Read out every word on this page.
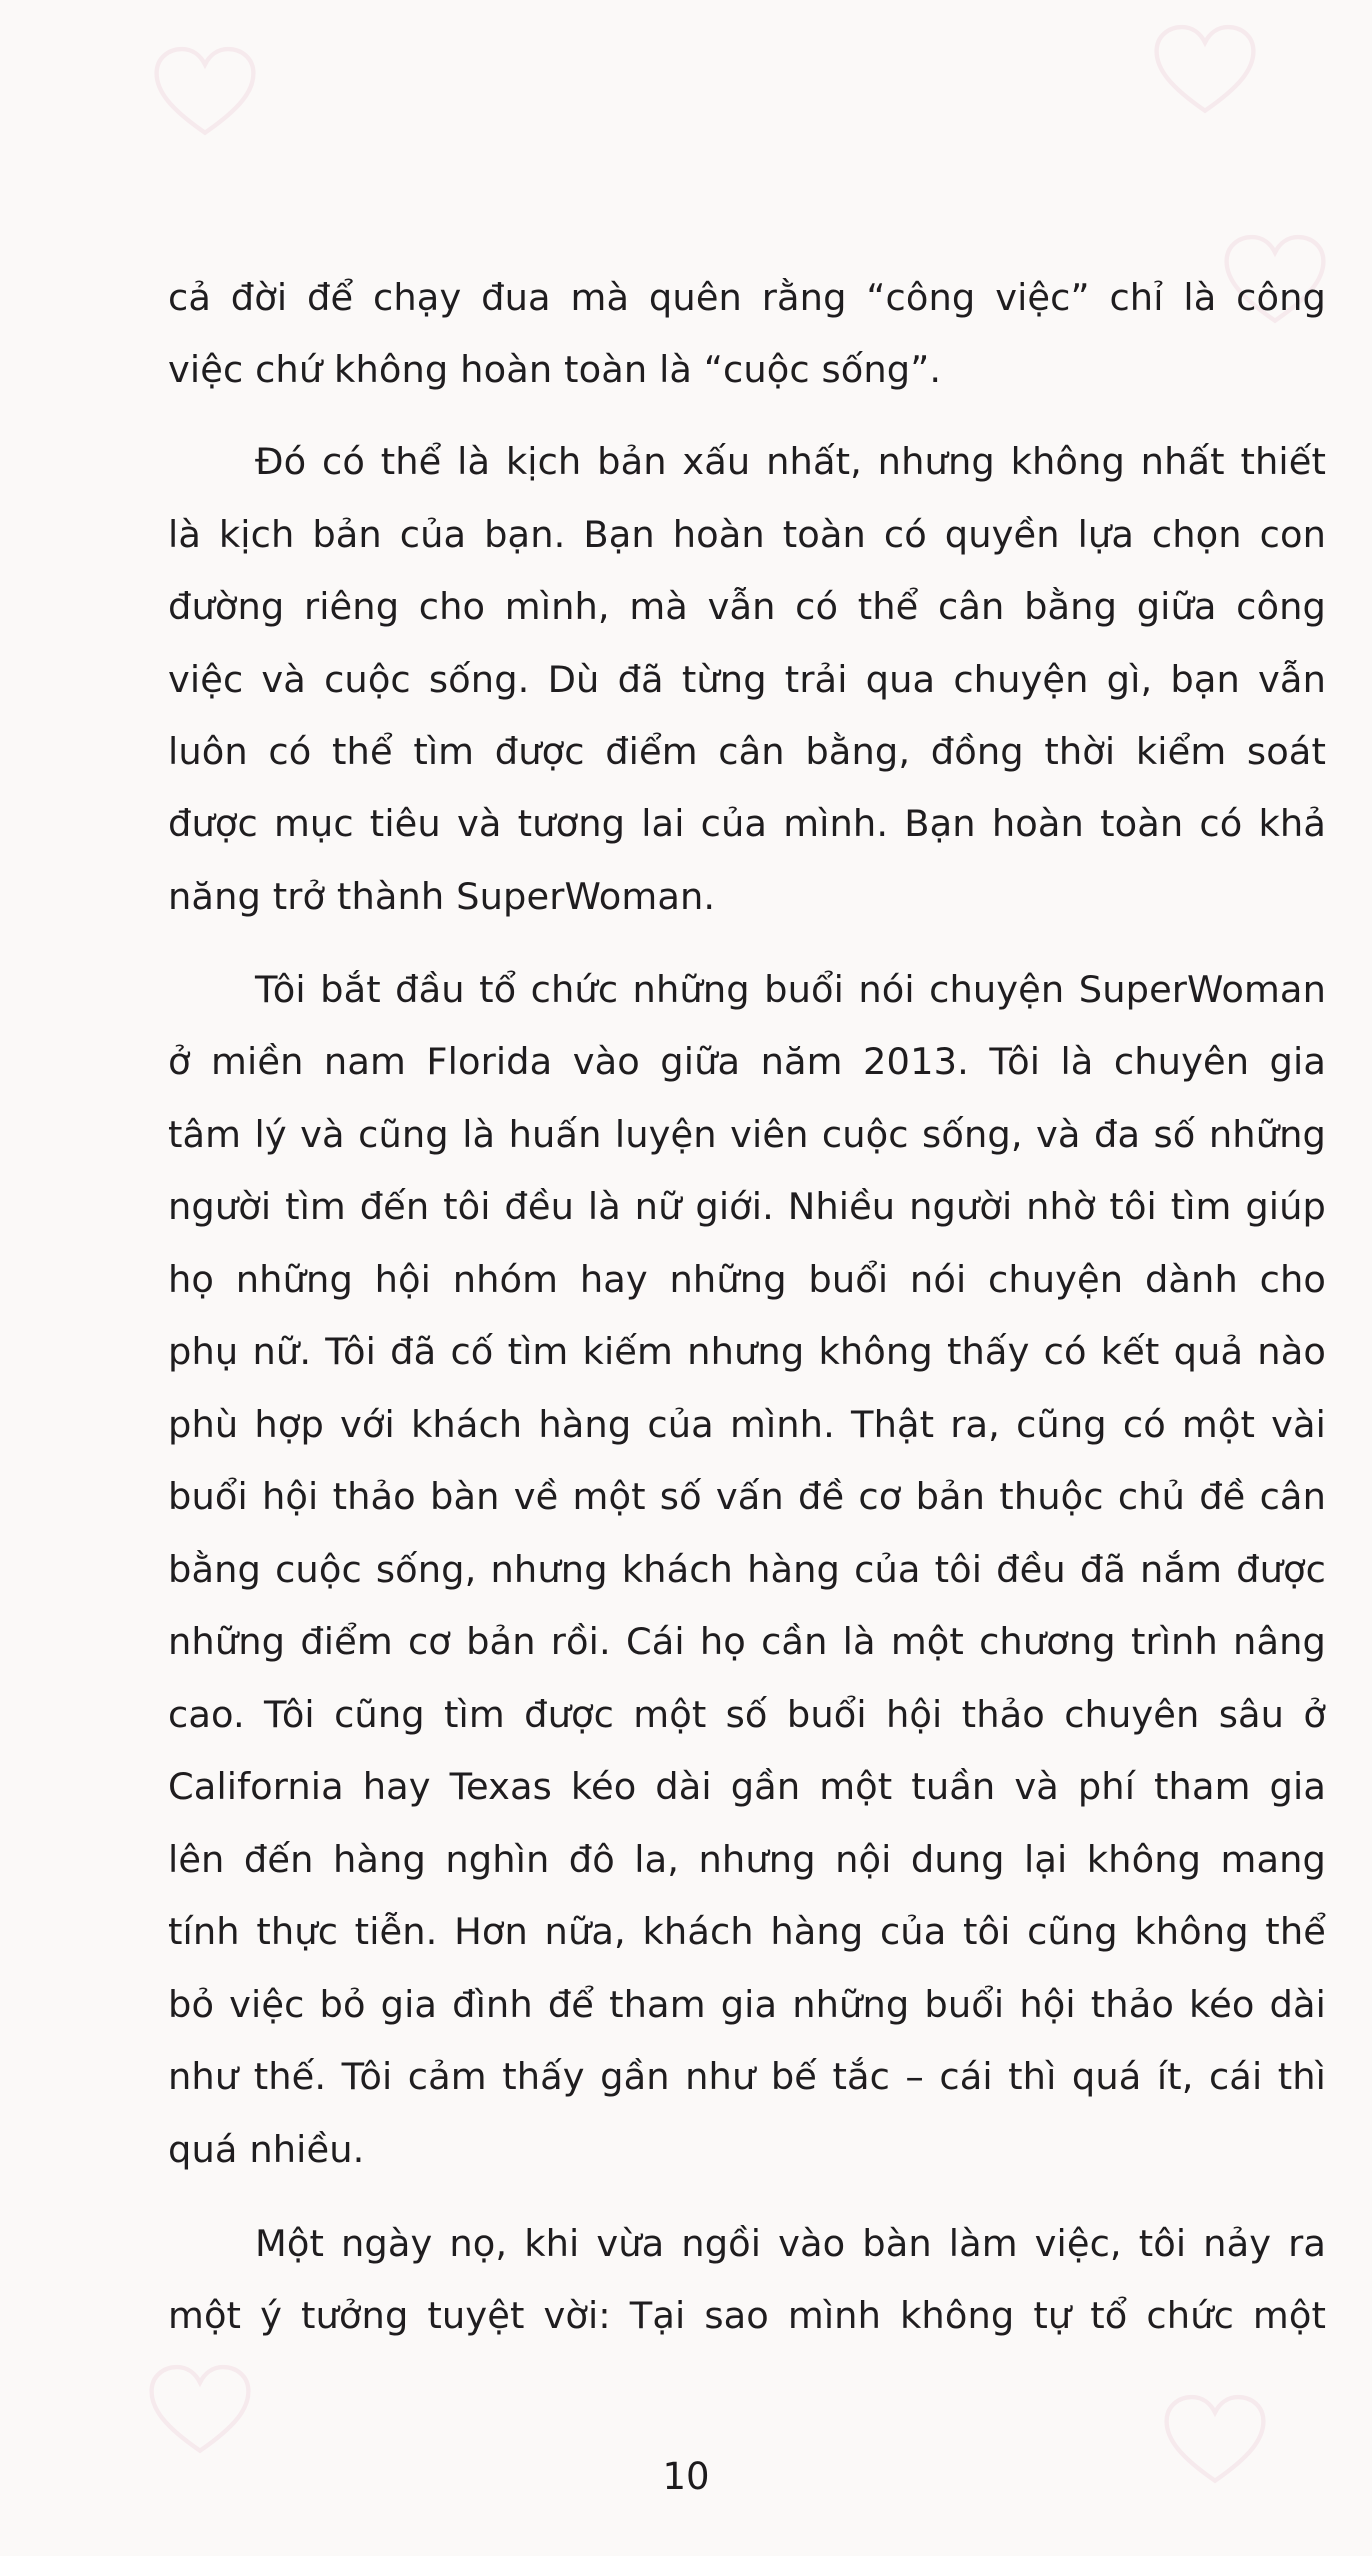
cả đời để chạy đua mà quên rằng “công việc” chỉ là công
việc chứ không hoàn toàn là “cuộc sống”.
Đó có thể là kịch bản xấu nhất, nhưng không nhất thiết
là kịch bản của bạn. Bạn hoàn toàn có quyền lựa chọn con
đường riêng cho mình, mà vẫn có thể cân bằng giữa công
việc và cuộc sống. Dù đã từng trải qua chuyện gì, bạn vẫn
luôn có thể tìm được điểm cân bằng, đồng thời kiểm soát
được mục tiêu và tương lai của mình. Bạn hoàn toàn có khả
năng trở thành SuperWoman.
Tôi bắt đầu tổ chức những buổi nói chuyện SuperWoman
ở miền nam Florida vào giữa năm 2013. Tôi là chuyên gia
tâm lý và cũng là huấn luyện viên cuộc sống, và đa số những
người tìm đến tôi đều là nữ giới. Nhiều người nhờ tôi tìm giúp
họ những hội nhóm hay những buổi nói chuyện dành cho
phụ nữ. Tôi đã cố tìm kiếm nhưng không thấy có kết quả nào
phù hợp với khách hàng của mình. Thật ra, cũng có một vài
buổi hội thảo bàn về một số vấn đề cơ bản thuộc chủ đề cân
bằng cuộc sống, nhưng khách hàng của tôi đều đã nắm được
những điểm cơ bản rồi. Cái họ cần là một chương trình nâng
cao. Tôi cũng tìm được một số buổi hội thảo chuyên sâu ở
California hay Texas kéo dài gần một tuần và phí tham gia
lên đến hàng nghìn đô la, nhưng nội dung lại không mang
tính thực tiễn. Hơn nữa, khách hàng của tôi cũng không thể
bỏ việc bỏ gia đình để tham gia những buổi hội thảo kéo dài
như thế. Tôi cảm thấy gần như bế tắc – cái thì quá ít, cái thì
quá nhiều.
Một ngày nọ, khi vừa ngồi vào bàn làm việc, tôi nảy ra
một ý tưởng tuyệt vời: Tại sao mình không tự tổ chức một
10
